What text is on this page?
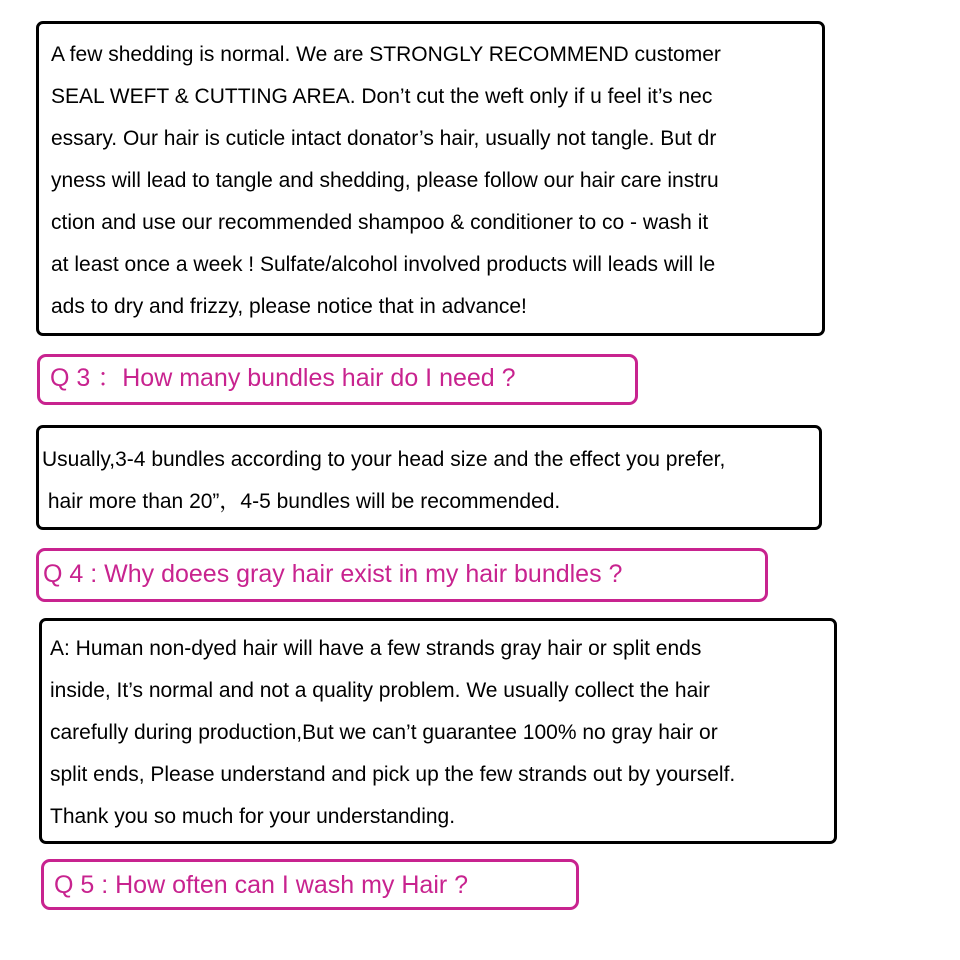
A few shedding is normal. We are STRONGLY RECOMMEND customer
SEAL WEFT & CUTTING AREA. Don’t cut the weft only if u feel it’s nec
essary. Our hair is cuticle intact donator’s hair, usually not tangle. But dr
yness will lead to tangle and shedding, please follow our hair care instru
ction and use our recommended shampoo & conditioner to co - wash it
at least once a week ! Sulfate/alcohol involved products will leads will le
ads to dry and frizzy, please notice that in advance!
Q 3 ：How many bundles hair do I need ?
Usually,3-4 bundles according to your head size and the effect you prefer,
hair more than 20”，4-5 bundles will be recommended.
Q 4 : Why doees gray hair exist in my hair bundles ?
A: Human non-dyed hair will have a few strands gray hair or split ends
inside, It’s normal and not a quality problem. We usually collect the hair
carefully during production,But we can’t guarantee 100% no gray hair or
split ends, Please understand and pick up the few strands out by yourself.
Thank you so much for your understanding.
Q 5 : How often can I wash my Hair ?
